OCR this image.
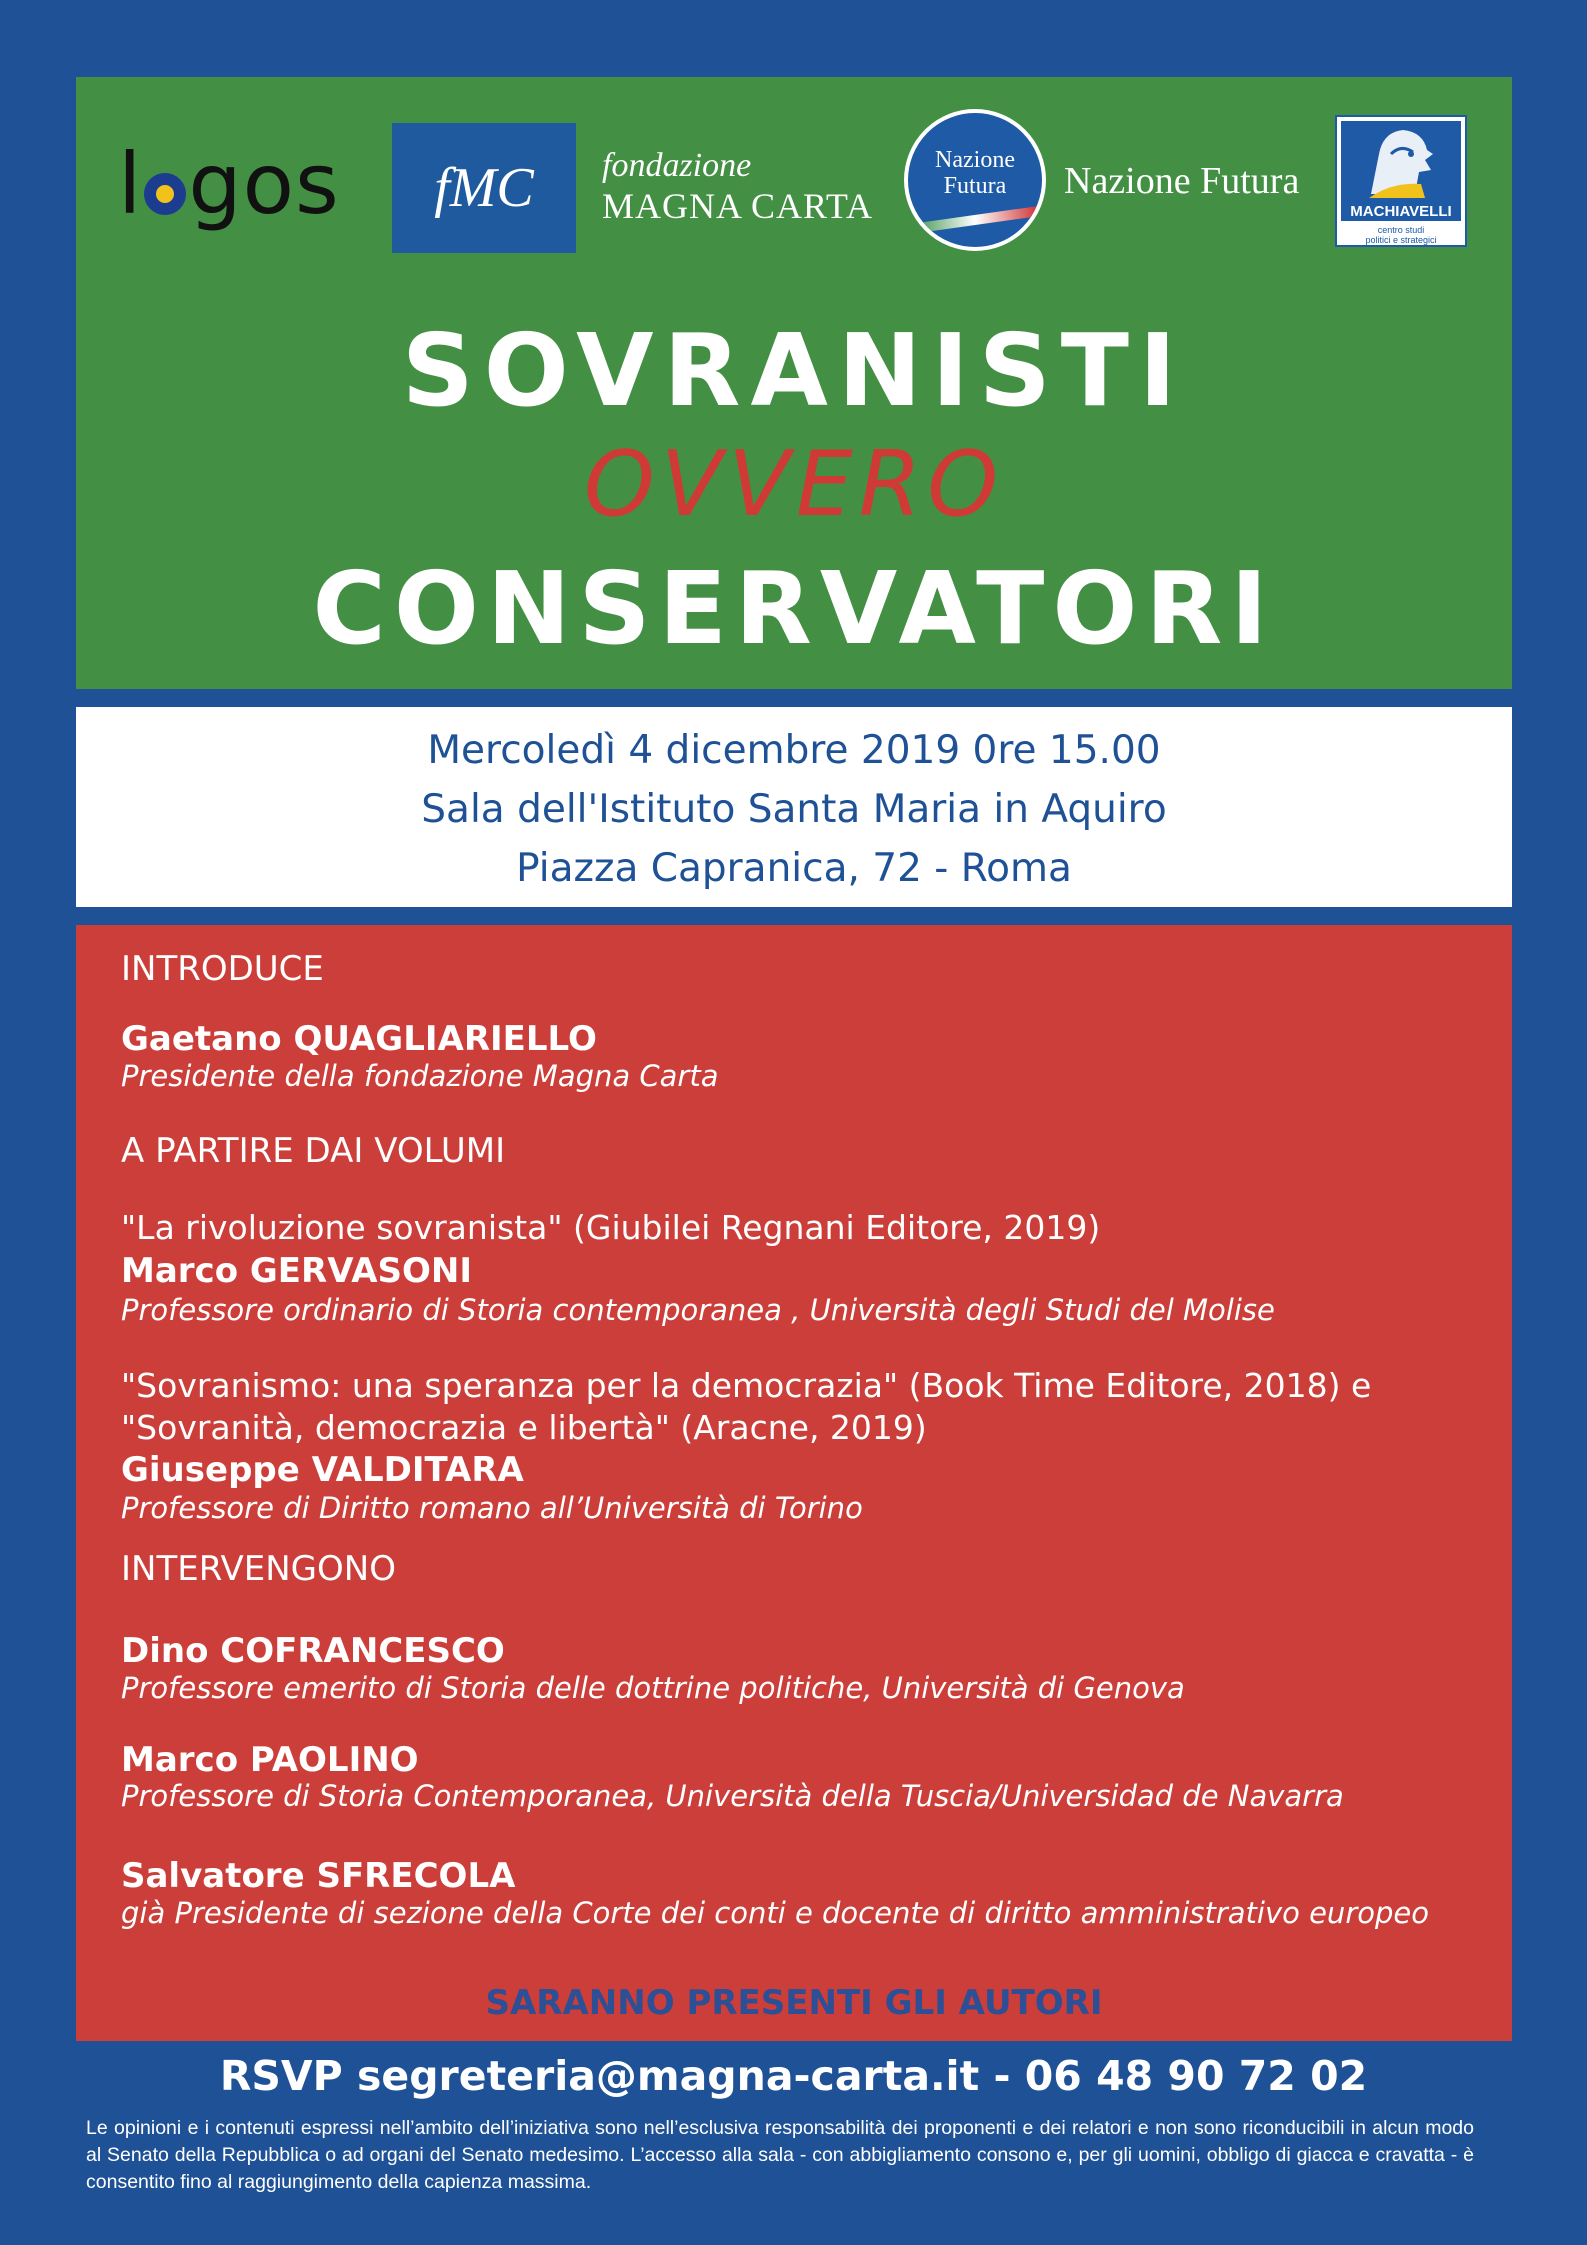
l gos fMC fondazione
MAGNA CARTA
Nazione
Futura	Nazione Futura
MACHIAVELLI
centro studi
politici e strategici
SOVRANISTI
OVVERO
CONSERVATORI
Mercoledì 4 dicembre 2019 0re 15.00
Sala dell'Istituto Santa Maria in Aquiro
Piazza Capranica, 72 - Roma
INTRODUCE
Gaetano QUAGLIARIELLO
Presidente della fondazione Magna Carta
A PARTIRE DAI VOLUMI
"La rivoluzione sovranista" (Giubilei Regnani Editore, 2019)
Marco GERVASONI
Professore ordinario di Storia contemporanea , Università degli Studi del Molise
"Sovranismo: una speranza per la democrazia" (Book Time Editore, 2018) e
"Sovranità, democrazia e libertà" (Aracne, 2019)
Giuseppe VALDITARA
Professore di Diritto romano all’Università di Torino
INTERVENGONO
Dino COFRANCESCO
Professore emerito di Storia delle dottrine politiche, Università di Genova
Marco PAOLINO
Professore di Storia Contemporanea, Università della Tuscia/Universidad de Navarra
Salvatore SFRECOLA
già Presidente di sezione della Corte dei conti e docente di diritto amministrativo europeo
SARANNO PRESENTI GLI AUTORI
RSVP segreteria@magna-carta.it - 06 48 90 72 02
Le opinioni e i contenuti espressi nell’ambito dell’iniziativa sono nell’esclusiva responsabilità dei proponenti e dei relatori e non sono riconducibili in alcun modo al Senato della Repubblica o ad organi del Senato medesimo. L’accesso alla sala - con abbigliamento consono e, per gli uomini, obbligo di giacca e cravatta - è consentito fino al raggiungimento della capienza massima.
